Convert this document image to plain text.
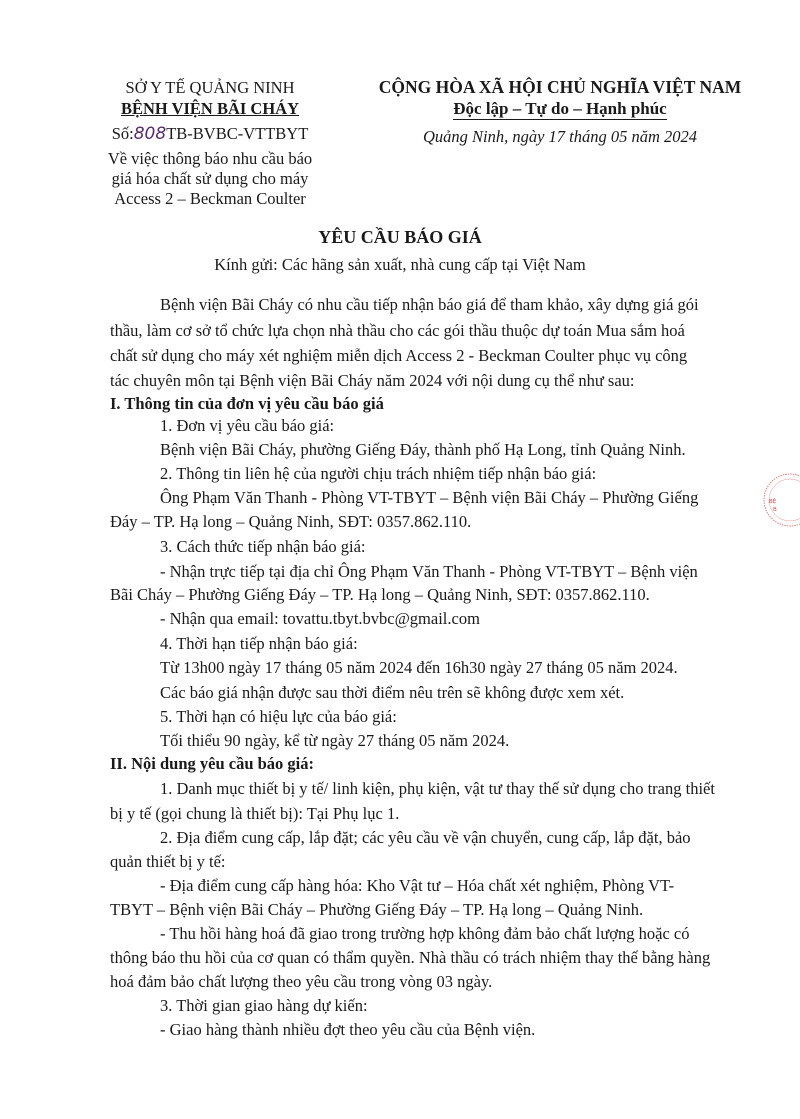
SỞ Y TẾ QUẢNG NINH
BỆNH VIỆN BÃI CHÁY
Số:808TB-BVBC-VTTBYT
Về việc thông báo nhu cầu báo
giá hóa chất sử dụng cho máy
Access 2 – Beckman Coulter
CỘNG HÒA XÃ HỘI CHỦ NGHĨA VIỆT NAM
Độc lập – Tự do – Hạnh phúc
Quảng Ninh, ngày 17 tháng 05 năm 2024
YÊU CẦU BÁO GIÁ
Kính gửi: Các hãng sản xuất, nhà cung cấp tại Việt Nam
Bệnh viện Bãi Cháy có nhu cầu tiếp nhận báo giá để tham khảo, xây dựng giá gói
thầu, làm cơ sở tổ chức lựa chọn nhà thầu cho các gói thầu thuộc dự toán Mua sắm hoá
chất sử dụng cho máy xét nghiệm miễn dịch Access 2 - Beckman Coulter phục vụ công
tác chuyên môn tại Bệnh viện Bãi Cháy năm 2024 với nội dung cụ thể như sau:
I. Thông tin của đơn vị yêu cầu báo giá
1. Đơn vị yêu cầu báo giá:
Bệnh viện Bãi Cháy, phường Giếng Đáy, thành phố Hạ Long, tỉnh Quảng Ninh.
2. Thông tin liên hệ của người chịu trách nhiệm tiếp nhận báo giá:
Ông Phạm Văn Thanh - Phòng VT-TBYT – Bệnh viện Bãi Cháy – Phường Giếng
Đáy – TP. Hạ long – Quảng Ninh, SĐT: 0357.862.110.
3. Cách thức tiếp nhận báo giá:
- Nhận trực tiếp tại địa chỉ Ông Phạm Văn Thanh - Phòng VT-TBYT – Bệnh viện
Bãi Cháy – Phường Giếng Đáy – TP. Hạ long – Quảng Ninh, SĐT: 0357.862.110.
- Nhận qua email: tovattu.tbyt.bvbc@gmail.com
4. Thời hạn tiếp nhận báo giá:
Từ 13h00 ngày 17 tháng 05 năm 2024 đến 16h30 ngày 27 tháng 05 năm 2024.
Các báo giá nhận được sau thời điểm nêu trên sẽ không được xem xét.
5. Thời hạn có hiệu lực của báo giá:
Tối thiểu 90 ngày, kể từ ngày 27 tháng 05 năm 2024.
II. Nội dung yêu cầu báo giá:
1. Danh mục thiết bị y tế/ linh kiện, phụ kiện, vật tư thay thế sử dụng cho trang thiết
bị y tế (gọi chung là thiết bị): Tại Phụ lục 1.
2. Địa điểm cung cấp, lắp đặt; các yêu cầu về vận chuyển, cung cấp, lắp đặt, bảo
quản thiết bị y tế:
- Địa điểm cung cấp hàng hóa: Kho Vật tư – Hóa chất xét nghiệm, Phòng VT-
TBYT – Bệnh viện Bãi Cháy – Phường Giếng Đáy – TP. Hạ long – Quảng Ninh.
- Thu hồi hàng hoá đã giao trong trường hợp không đảm bảo chất lượng hoặc có
thông báo thu hồi của cơ quan có thẩm quyền. Nhà thầu có trách nhiệm thay thế bằng hàng
hoá đảm bảo chất lượng theo yêu cầu trong vòng 03 ngày.
3. Thời gian giao hàng dự kiến:
- Giao hàng thành nhiều đợt theo yêu cầu của Bệnh viện.
BỆ
B
